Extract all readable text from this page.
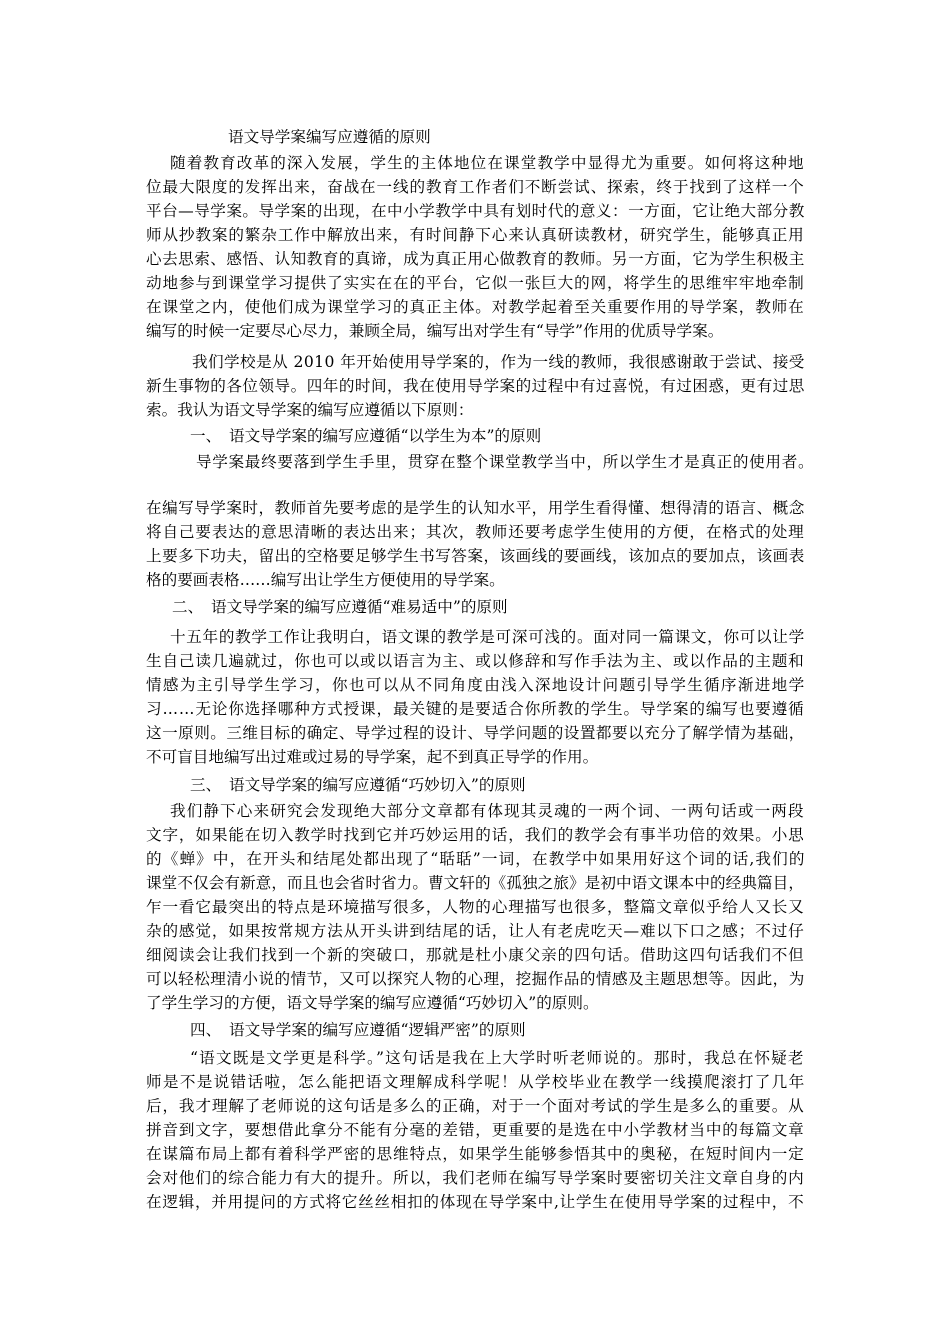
语文导学案编写应遵循的原则
随着教育改革的深入发展，学生的主体地位在课堂教学中显得尤为重要。如何将这种地
位最大限度的发挥出来，奋战在一线的教育工作者们不断尝试、探索，终于找到了这样一个
平台—导学案。导学案的出现，在中小学教学中具有划时代的意义：一方面，它让绝大部分教
师从抄教案的繁杂工作中解放出来，有时间静下心来认真研读教材，研究学生，能够真正用
心去思索、感悟、认知教育的真谛，成为真正用心做教育的教师。另一方面，它为学生积极主
动地参与到课堂学习提供了实实在在的平台，它似一张巨大的网，将学生的思维牢牢地牵制
在课堂之内，使他们成为课堂学习的真正主体。对教学起着至关重要作用的导学案，教师在
编写的时候一定要尽心尽力，兼顾全局，编写出对学生有“导学”作用的优质导学案。
我们学校是从 2010 年开始使用导学案的，作为一线的教师，我很感谢敢于尝试、接受
新生事物的各位领导。四年的时间，我在使用导学案的过程中有过喜悦，有过困惑，更有过思
索。我认为语文导学案的编写应遵循以下原则：
一、　语文导学案的编写应遵循“以学生为本”的原则
导学案最终要落到学生手里，贯穿在整个课堂教学当中，所以学生才是真正的使用者。
在编写导学案时，教师首先要考虑的是学生的认知水平，用学生看得懂、想得清的语言、概念
将自己要表达的意思清晰的表达出来；其次，教师还要考虑学生使用的方便，在格式的处理
上要多下功夫，留出的空格要足够学生书写答案，该画线的要画线，该加点的要加点，该画表
格的要画表格……编写出让学生方便使用的导学案。
二、　语文导学案的编写应遵循“难易适中”的原则
十五年的教学工作让我明白，语文课的教学是可深可浅的。面对同一篇课文，你可以让学
生自己读几遍就过，你也可以或以语言为主、或以修辞和写作手法为主、或以作品的主题和
情感为主引导学生学习，你也可以从不同角度由浅入深地设计问题引导学生循序渐进地学
习……无论你选择哪种方式授课，最关键的是要适合你所教的学生。导学案的编写也要遵循
这一原则。三维目标的确定、导学过程的设计、导学问题的设置都要以充分了解学情为基础，
不可盲目地编写出过难或过易的导学案，起不到真正导学的作用。
三、　语文导学案的编写应遵循“巧妙切入”的原则
我们静下心来研究会发现绝大部分文章都有体现其灵魂的一两个词、一两句话或一两段
文字，如果能在切入教学时找到它并巧妙运用的话，我们的教学会有事半功倍的效果。小思
的《蝉》中，在开头和结尾处都出现了“聒聒”一词，在教学中如果用好这个词的话,我们的
课堂不仅会有新意，而且也会省时省力。曹文轩的《孤独之旅》是初中语文课本中的经典篇目，
乍一看它最突出的特点是环境描写很多，人物的心理描写也很多，整篇文章似乎给人又长又
杂的感觉，如果按常规方法从开头讲到结尾的话，让人有老虎吃天—难以下口之感；不过仔
细阅读会让我们找到一个新的突破口，那就是杜小康父亲的四句话。借助这四句话我们不但
可以轻松理清小说的情节，又可以探究人物的心理，挖掘作品的情感及主题思想等。因此，为
了学生学习的方便，语文导学案的编写应遵循“巧妙切入”的原则。
四、　语文导学案的编写应遵循“逻辑严密”的原则
“语文既是文学更是科学。”这句话是我在上大学时听老师说的。那时，我总在怀疑老
师是不是说错话啦，怎么能把语文理解成科学呢！从学校毕业在教学一线摸爬滚打了几年
后，我才理解了老师说的这句话是多么的正确，对于一个面对考试的学生是多么的重要。从
拼音到文字，要想借此拿分不能有分毫的差错，更重要的是选在中小学教材当中的每篇文章
在谋篇布局上都有着科学严密的思维特点，如果学生能够参悟其中的奥秘，在短时间内一定
会对他们的综合能力有大的提升。所以，我们老师在编写导学案时要密切关注文章自身的内
在逻辑，并用提问的方式将它丝丝相扣的体现在导学案中,让学生在使用导学案的过程中，不
